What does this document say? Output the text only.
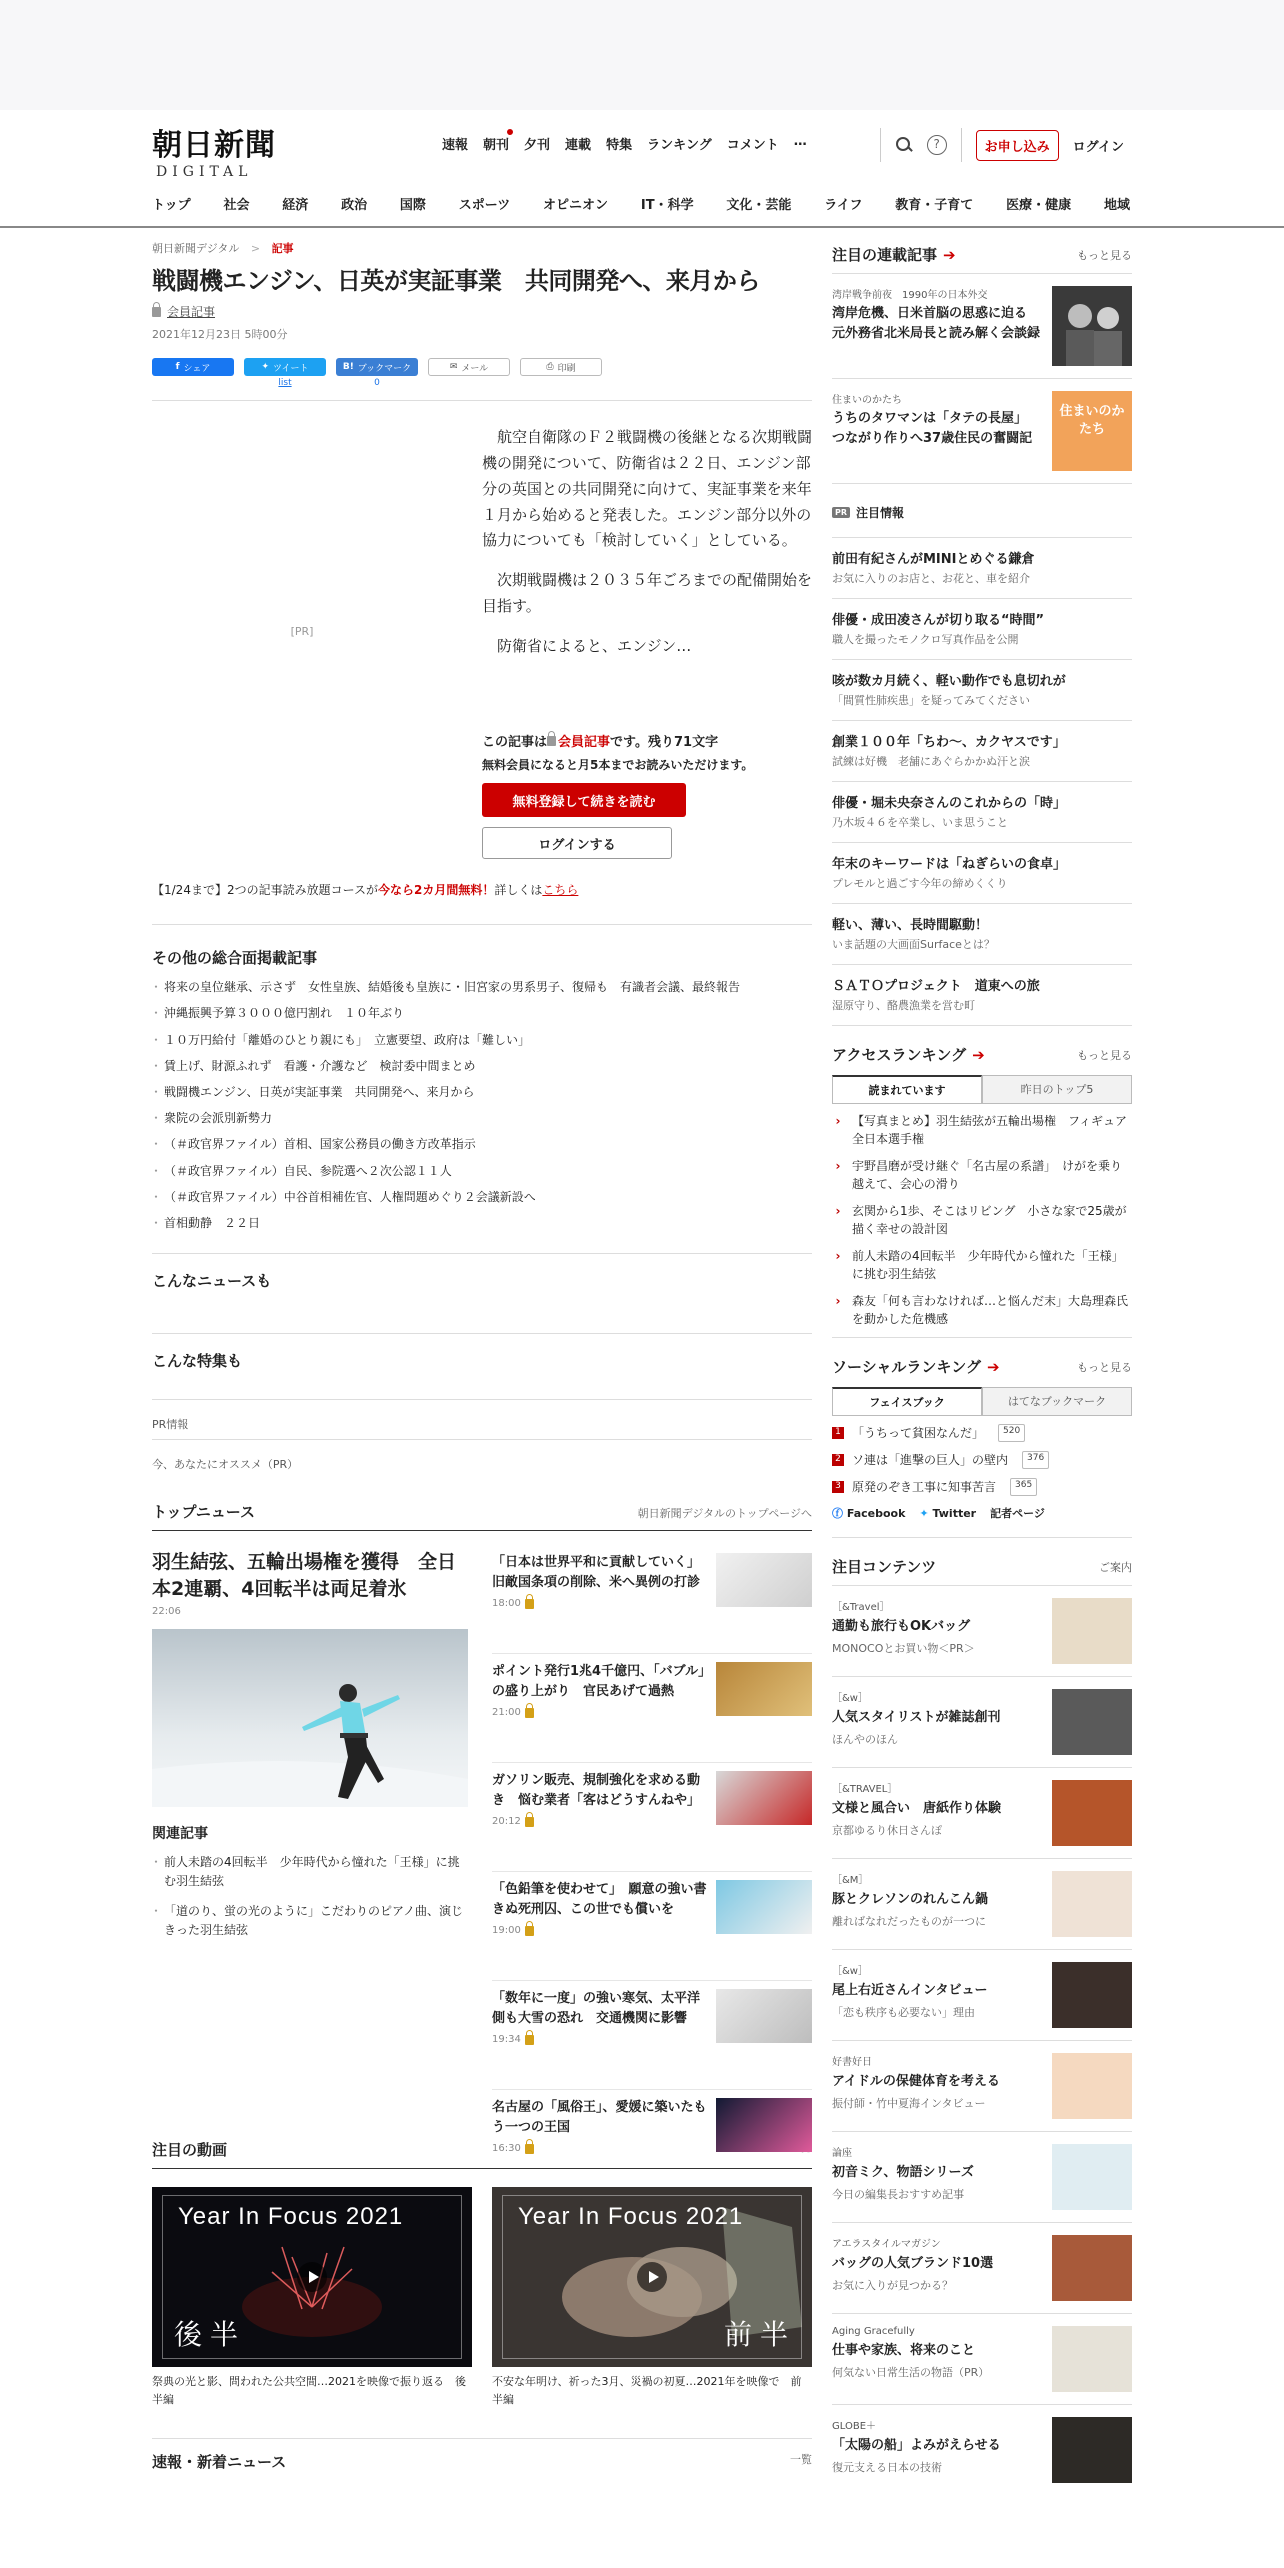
朝日新聞
DIGITAL
速報 朝刊 夕刊 連載 特集 ランキング コメント …	?	お申し込み	ログイン
トップ	社会	経済	政治	国際	スポーツ	オピニオン	IT・科学	文化・芸能	ライフ	教育・子育て	医療・健康	地域
朝日新聞デジタル > 記事
戦闘機エンジン、日英が実証事業　共同開発へ、来月から
会員記事
2021年12月23日 5時00分
f シェア	✦ ツイート
list
B! ブックマーク
0
✉ メール	⎙ 印刷
[PR]

航空自衛隊のＦ２戦闘機の後継となる次期戦闘機の開発について、防衛省は２２日、エンジン部分の英国との共同開発に向けて、実証事業を来年１月から始めると発表した。エンジン部分以外の協力についても「検討していく」としている。

次期戦闘機は２０３５年ごろまでの配備開始を目指す。

防衛省によると、エンジン…

この記事は 会員記事です。残り71文字
無料会員になると月5本までお読みいただけます。
無料登録して続きを読む
ログインする
【1/24まで】2つの記事読み放題コースが今なら2カ月間無料！詳しくはこちら
その他の総合面掲載記事
・ 将来の皇位継承、示さず　女性皇族、結婚後も皇族に・旧宮家の男系男子、復帰も　有識者会議、最終報告
・ 沖縄振興予算３０００億円割れ　１０年ぶり
・ １０万円給付「離婚のひとり親にも」　立憲要望、政府は「難しい」
・ 賃上げ、財源ふれず　看護・介護など　検討委中間まとめ
・ 戦闘機エンジン、日英が実証事業　共同開発へ、来月から
・ 衆院の会派別新勢力
・ （＃政官界ファイル）首相、国家公務員の働き方改革指示
・ （＃政官界ファイル）自民、参院選へ２次公認１１人
・ （＃政官界ファイル）中谷首相補佐官、人権問題めぐり２会議新設へ
・ 首相動静　２２日
こんなニュースも
こんな特集も
PR情報
今、あなたにオススメ（PR）
トップニュース	朝日新聞デジタルのトップページへ
羽生結弦、五輪出場権を獲得　全日本2連覇、4回転半は両足着氷
22:06
関連記事
・ 前人未踏の4回転半　少年時代から憧れた「王様」に挑む羽生結弦
・ 「道のり、蛍の光のように」こだわりのピアノ曲、演じきった羽生結弦
「日本は世界平和に貢献していく」旧敵国条項の削除、米へ異例の打診
18:00
ポイント発行1兆4千億円、「バブル」の盛り上がり　官民あげて過熱
21:00
ガソリン販売、規制強化を求める動き　悩む業者「客はどうすんねや」
20:12
「色鉛筆を使わせて」　願意の強い書きぬ死刑囚、この世でも償いを
19:00
「数年に一度」の強い寒気、太平洋側も大雪の恐れ　交通機関に影響
19:34
名古屋の「風俗王」、愛媛に築いたもう一つの王国
16:30
注目の動画
Year In Focus 2021
後半
祭典の光と影、問われた公共空間…2021を映像で振り返る　後半編
Year In Focus 2021
前半
不安な年明け、祈った3月、災禍の初夏…2021年を映像で　前半編
速報・新着ニュース	一覧
注目の連載記事 ➔	もっと見る
湾岸戦争前夜　1990年の日本外交
湾岸危機、日米首脳の思惑に迫る　元外務省北米局長と読み解く会談録
住まいのかたち
うちのタワマンは「タテの長屋」　つながり作りへ37歳住民の奮闘記
住まいのかたち
PR 注目情報
前田有紀さんがMINIとめぐる鎌倉
お気に入りのお店と、お花と、車を紹介
俳優・成田凌さんが切り取る“時間”
職人を撮ったモノクロ写真作品を公開
咳が数カ月続く、軽い動作でも息切れが
「間質性肺疾患」を疑ってみてください
創業１００年「ちわ～、カクヤスです」
試練は好機　老舗にあぐらかかぬ汗と涙
俳優・堀未央奈さんのこれからの「時」
乃木坂４６を卒業し、いま思うこと
年末のキーワードは「ねぎらいの食卓」
プレモルと過ごす今年の締めくくり
軽い、薄い、長時間駆動！
いま話題の大画面Surfaceとは？
ＳＡＴＯプロジェクト　道東への旅
湿原守り、酪農漁業を営む町
アクセスランキング ➔	もっと見る
読まれています	昨日のトップ5
› 【写真まとめ】羽生結弦が五輪出場権　フィギュア全日本選手権
› 宇野昌磨が受け継ぐ「名古屋の系譜」　けがを乗り越えて、会心の滑り
› 玄関から1歩、そこはリビング　小さな家で25歳が描く幸せの設計図
› 前人未踏の4回転半　少年時代から憧れた「王様」に挑む羽生結弦
› 森友「何も言わなければ…と悩んだ末」大島理森氏を動かした危機感
ソーシャルランキング ➔	もっと見る
フェイスブック	はてなブックマーク
1 「うちって貧困なんだ」	520
2 ソ連は「進撃の巨人」の壁内	376
3 原発のぞき工事に知事苦言	365
ⓕ Facebook ✦ Twitter 記者ページ
注目コンテンツ	ご案内
［&Travel］
通勤も旅行もOKバッグ
MONOCOとお買い物＜PR＞
［&w］
人気スタイリストが雑誌創刊
ほんやのほん
［&TRAVEL］
文様と風合い　唐紙作り体験
京都ゆるり休日さんぽ
［&M］
豚とクレソンのれんこん鍋
離ればなれだったものが一つに
［&w］
尾上右近さんインタビュー
「恋も秩序も必要ない」理由
好書好日
アイドルの保健体育を考える
振付師・竹中夏海インタビュー
論座
初音ミク、物語シリーズ
今日の編集長おすすめ記事
アエラスタイルマガジン
バッグの人気ブランド10選
お気に入りが見つかる？
Aging Gracefully
仕事や家族、将来のこと
何気ない日常生活の物語（PR）
GLOBE＋
「太陽の船」よみがえらせる
復元支える日本の技術
